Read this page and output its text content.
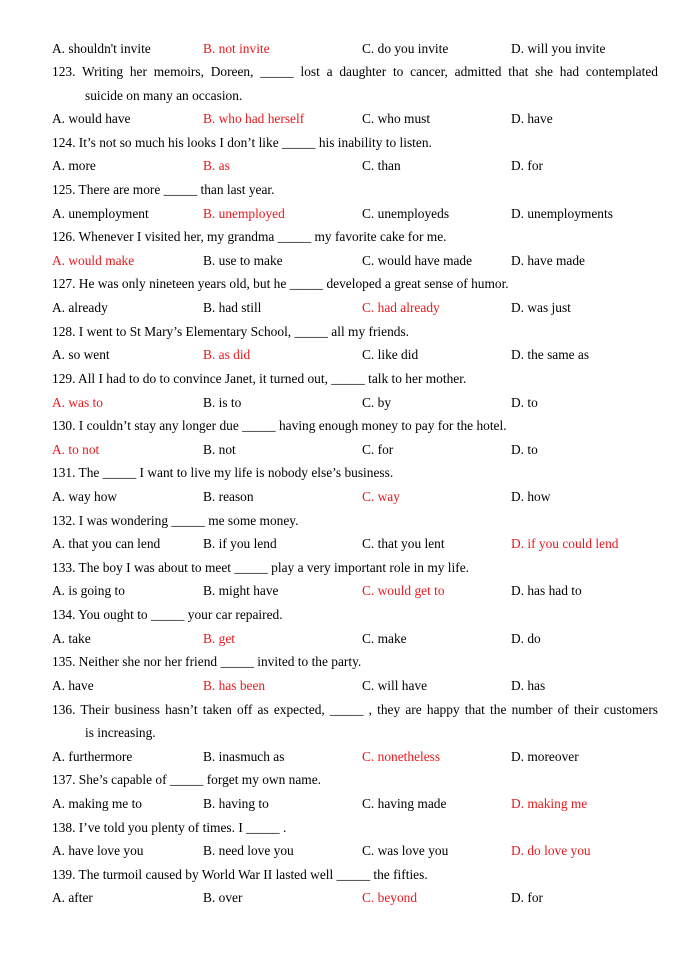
A. shouldn't invite	B. not invite	C. do you invite	D. will you invite
123. Writing her memoirs, Doreen, _____ lost a daughter to cancer, admitted that she had contemplated
suicide on many an occasion.
A. would have	B. who had herself	C. who must	D. have
124. It’s not so much his looks I don’t like _____ his inability to listen.
A. more	B. as	C. than	D. for
125. There are more _____ than last year.
A. unemployment	B. unemployed	C. unemployeds	D. unemployments
126. Whenever I visited her, my grandma _____ my favorite cake for me.
A. would make	B. use to make	C. would have made	D. have made
127. He was only nineteen years old, but he _____ developed a great sense of humor.
A. already	B. had still	C. had already	D. was just
128. I went to St Mary’s Elementary School, _____ all my friends.
A. so went	B. as did	C. like did	D. the same as
129. All I had to do to convince Janet, it turned out, _____ talk to her mother.
A. was to	B. is to	C. by	D. to
130. I couldn’t stay any longer due _____ having enough money to pay for the hotel.
A. to not	B. not	C. for	D. to
131. The _____ I want to live my life is nobody else’s business.
A. way how	B. reason	C. way	D. how
132. I was wondering _____ me some money.
A. that you can lend	B. if you lend	C. that you lent	D. if you could lend
133. The boy I was about to meet _____ play a very important role in my life.
A. is going to	B. might have	C. would get to	D. has had to
134. You ought to _____ your car repaired.
A. take	B. get	C. make	D. do
135. Neither she nor her friend _____ invited to the party.
A. have	B. has been	C. will have	D. has
136. Their business hasn’t taken off as expected, _____ , they are happy that the number of their customers
is increasing.
A. furthermore	B. inasmuch as	C. nonetheless	D. moreover
137. She’s capable of _____ forget my own name.
A. making me to	B. having to	C. having made	D. making me
138. I’ve told you plenty of times. I _____ .
A. have love you	B. need love you	C. was love you	D. do love you
139. The turmoil caused by World War II lasted well _____ the fifties.
A. after	B. over	C. beyond	D. for
